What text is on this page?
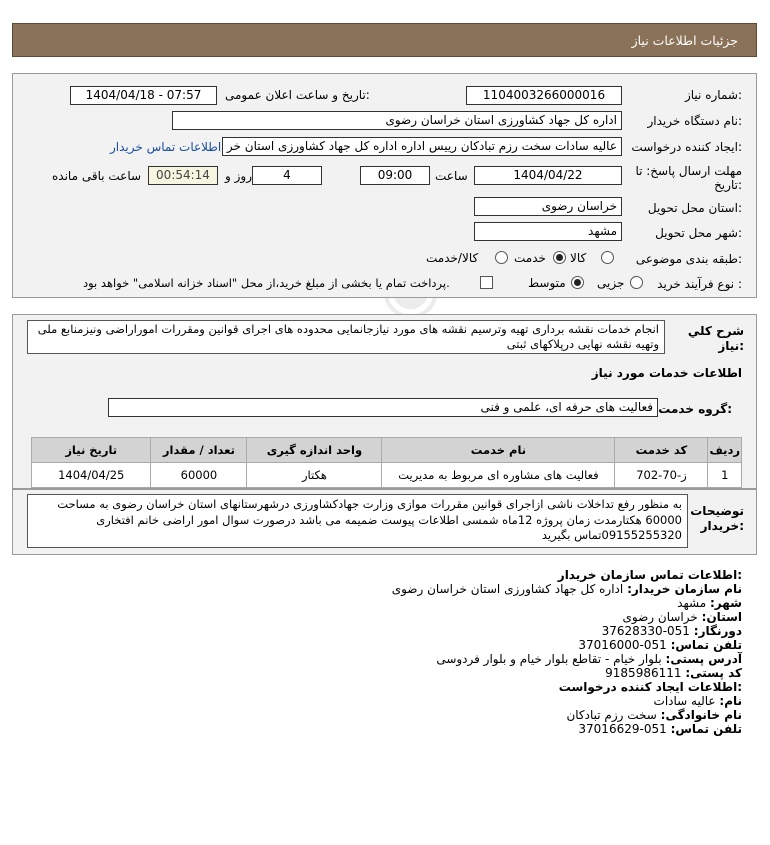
جزئیات اطلاعات نیاز
شماره نیاز:
1104003266000016
تاریخ و ساعت اعلان عمومی:
1404/04/18 - 07:57
نام دستگاه خریدار:
اداره کل جهاد کشاورزی استان خراسان رضوی
ایجاد کننده درخواست:
عالیه سادات سخت رزم تبادکان رییس اداره اداره کل جهاد کشاورزی استان خر
اطلاعات تماس خریدار
مهلت ارسال پاسخ: تا
تاریخ:
1404/04/22
ساعت
09:00
4
روز و
00:54:14
ساعت باقی مانده
استان محل تحویل:
خراسان رضوی
شهر محل تحویل:
مشهد
طبقه بندی موضوعی:
کالا
خدمت
کالا/خدمت
نوع فرآیند خرید :
جزیی
متوسط
پرداخت تمام یا بخشی از مبلغ خرید،از محل "اسناد خزانه اسلامی" خواهد بود.
شرح کلي
نیاز:
انجام خدمات نقشه برداری تهیه وترسیم نقشه های مورد نیازجانمایی محدوده های اجرای قوانین ومقررات اموراراضی ونیزمنابع ملی وتهیه نقشه نهایی درپلاکهای ثبتی
اطلاعات خدمات مورد نیاز
گروه خدمت:
فعالیت های حرفه ای، علمی و فنی
ردیف	کد خدمت	نام خدمت	واحد اندازه گیری	تعداد / مقدار	تاریخ نیاز
1	ز-70-702	فعالیت های مشاوره ای مربوط به مدیریت	هکتار	60000	1404/04/25
توضیحات
خریدار:
به منظور رفع تداخلات ناشی ازاجرای قوانین مقررات موازی وزارت جهادکشاورزی درشهرستانهای استان خراسان رضوی به مساحت 60000 هکتارمدت زمان پروژه 12ماه شمسی اطلاعات پیوست ضمیمه می باشد درصورت سوال امور اراضی خانم افتخاری 09155255320تماس بگیرید
اطلاعات تماس سازمان خریدار:
نام سازمان خریدار: اداره کل جهاد کشاورزی استان خراسان رضوی
شهر: مشهد
استان: خراسان رضوی
دورنگار: 051-37628330
تلفن تماس: 051-37016000
آدرس پستی: بلوار خیام - تقاطع بلوار خیام و بلوار فردوسی
کد پستی: 9185986111
اطلاعات ایجاد کننده درخواست:
نام: عالیه سادات
نام خانوادگی: سخت رزم تبادکان
تلفن تماس: 051-37016629
